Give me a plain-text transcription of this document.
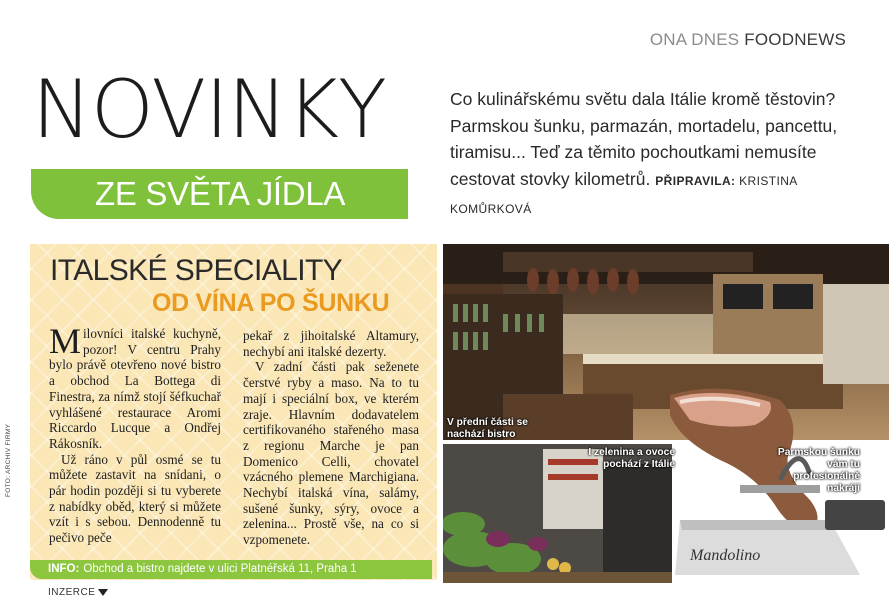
ONA DNES FOODNEWS
NOVINKY
ZE SVĚTA JÍDLA
Co kulinářskému světu dala Itálie kromě těstovin? Parmskou šunku, parmazán, mortadelu, pancettu, tiramisu... Teď za těmito pochoutkami nemusíte cestovat stovky kilometrů. PŘIPRAVILA: KRISTINA KOMŮRKOVÁ
ITALSKÉ SPECIALITY
OD VÍNA PO ŠUNKU

Milovníci italské kuchyně, pozor! V centru Prahy bylo právě otevřeno nové bistro a obchod La Bottega di Finestra, za nímž stojí šéfkuchař vyhlášené restaurace Aromi Riccardo Lucque a Ondřej Rákosník.

Už ráno v půl osmé se tu můžete zastavit na snídani, o pár hodin později si tu vyberete z nabídky oběd, který si můžete vzít i s sebou. Dennodenně tu pečivo peče

pekař z jihoitalské Altamury, nechybí ani italské dezerty.

V zadní části pak seženete čerstvé ryby a maso. Na to tu mají i speciální box, ve kterém zraje. Hlavním dodavatelem certifikovaného stařeného masa z regionu Marche je pan Domenico Celli, chovatel vzácného plemene Marchigiana. Nechybí italská vína, salámy, sušené šunky, sýry, ovoce a zelenina... Prostě vše, na co si vzpomenete.

INFO: Obchod a bistro najdete v ulici Platnéřská 11, Praha 1
FOTO: ARCHIV FIRMY
INZERCE
V přední části se nachází bistro
I zelenina a ovoce pochází z Itálie
Mandolino
Parmskou šunku vám tu profesionálně nakrájí
